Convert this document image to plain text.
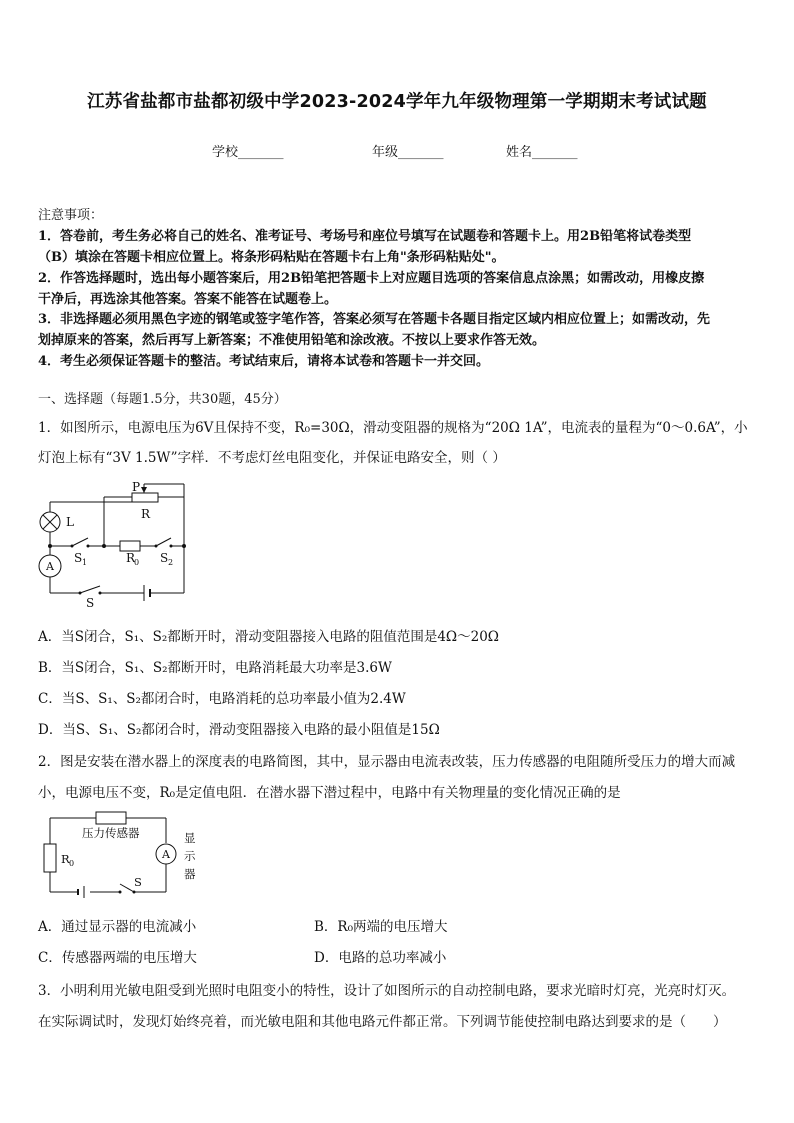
江苏省盐都市盐都初级中学2023-2024学年九年级物理第一学期期末考试试题
学校_______	年级_______	姓名_______
注意事项：
1．答卷前，考生务必将自己的姓名、准考证号、考场号和座位号填写在试题卷和答题卡上。用2B铅笔将试卷类型
（B）填涂在答题卡相应位置上。将条形码粘贴在答题卡右上角"条形码粘贴处"。
2．作答选择题时，选出每小题答案后，用2B铅笔把答题卡上对应题目选项的答案信息点涂黑；如需改动，用橡皮擦
干净后，再选涂其他答案。答案不能答在试题卷上。
3．非选择题必须用黑色字迹的钢笔或签字笔作答，答案必须写在答题卡各题目指定区域内相应位置上；如需改动，先
划掉原来的答案，然后再写上新答案；不准使用铅笔和涂改液。不按以上要求作答无效。
4．考生必须保证答题卡的整洁。考试结束后，请将本试卷和答题卡一并交回。
一、选择题（每题1.5分，共30题，45分）
1．如图所示，电源电压为6V且保持不变，R₀=30Ω，滑动变阻器的规格为“20Ω 1A”，电流表的量程为“0～0.6A”，小
灯泡上标有“3V 1.5W”字样．不考虑灯丝电阻变化，并保证电路安全，则（ ）
P
R
L
A
S 1	R
0 S 2
S
A．当S闭合，S₁、S₂都断开时，滑动变阻器接入电路的阻值范围是4Ω～20Ω
B．当S闭合，S₁、S₂都断开时，电路消耗最大功率是3.6W
C．当S、S₁、S₂都闭合时，电路消耗的总功率最小值为2.4W
D．当S、S₁、S₂都闭合时，滑动变阻器接入电路的最小阻值是15Ω
2．图是安装在潜水器上的深度表的电路简图，其中，显示器由电流表改装，压力传感器的电阻随所受压力的增大而减
小，电源电压不变，R₀是定值电阻．在潜水器下潜过程中，电路中有关物理量的变化情况正确的是
压力传感器
R 0
A
显
示
器
S
A．通过显示器的电流减小	B．R₀两端的电压增大
C．传感器两端的电压增大	D．电路的总功率减小
3．小明利用光敏电阻受到光照时电阻变小的特性，设计了如图所示的自动控制电路，要求光暗时灯亮，光亮时灯灭。
在实际调试时，发现灯始终亮着，而光敏电阻和其他电路元件都正常。下列调节能使控制电路达到要求的是（　　）
